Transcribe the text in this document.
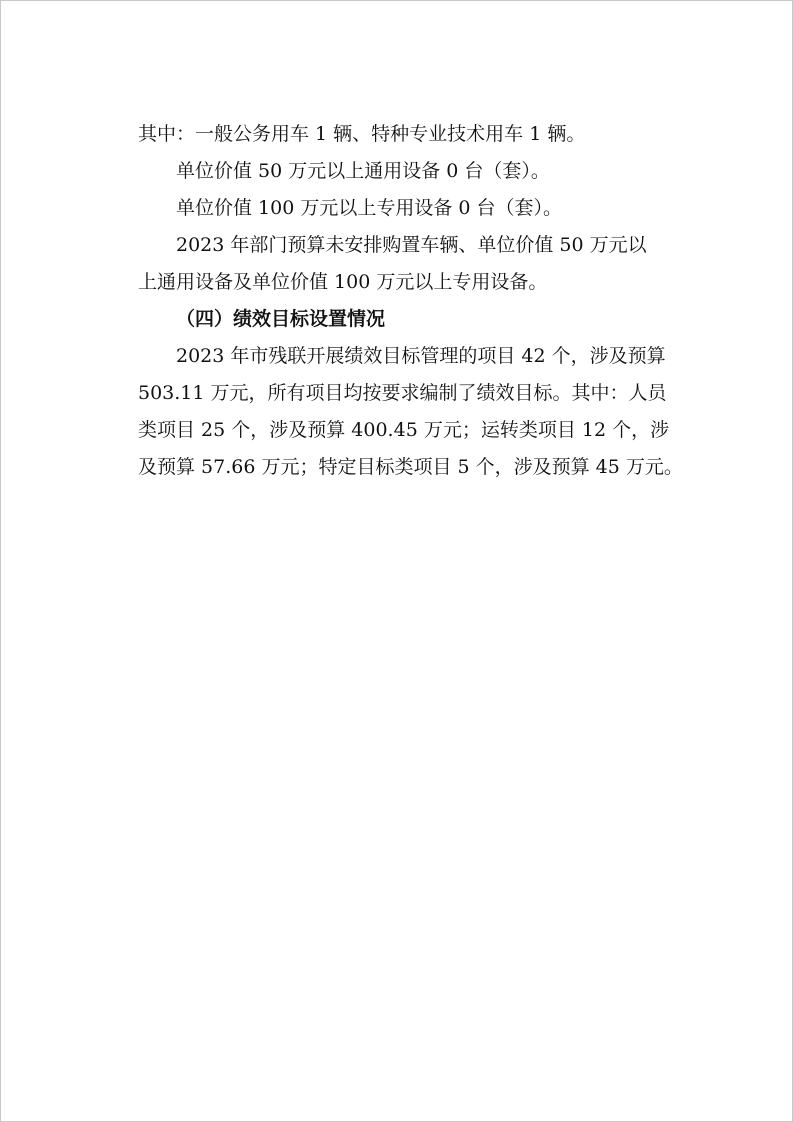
其中：一般公务用车 1 辆、特种专业技术用车 1 辆。

单位价值 50 万元以上通用设备 0 台（套）。

单位价值 100 万元以上专用设备 0 台（套）。

2023 年部门预算未安排购置车辆、单位价值 50 万元以
上通用设备及单位价值 100 万元以上专用设备。

（四）绩效目标设置情况

2023 年市残联开展绩效目标管理的项目 42 个，涉及预算
503.11 万元，所有项目均按要求编制了绩效目标。其中：人员
类项目 25 个，涉及预算 400.45 万元；运转类项目 12 个，涉
及预算 57.66 万元；特定目标类项目 5 个，涉及预算 45 万元。
